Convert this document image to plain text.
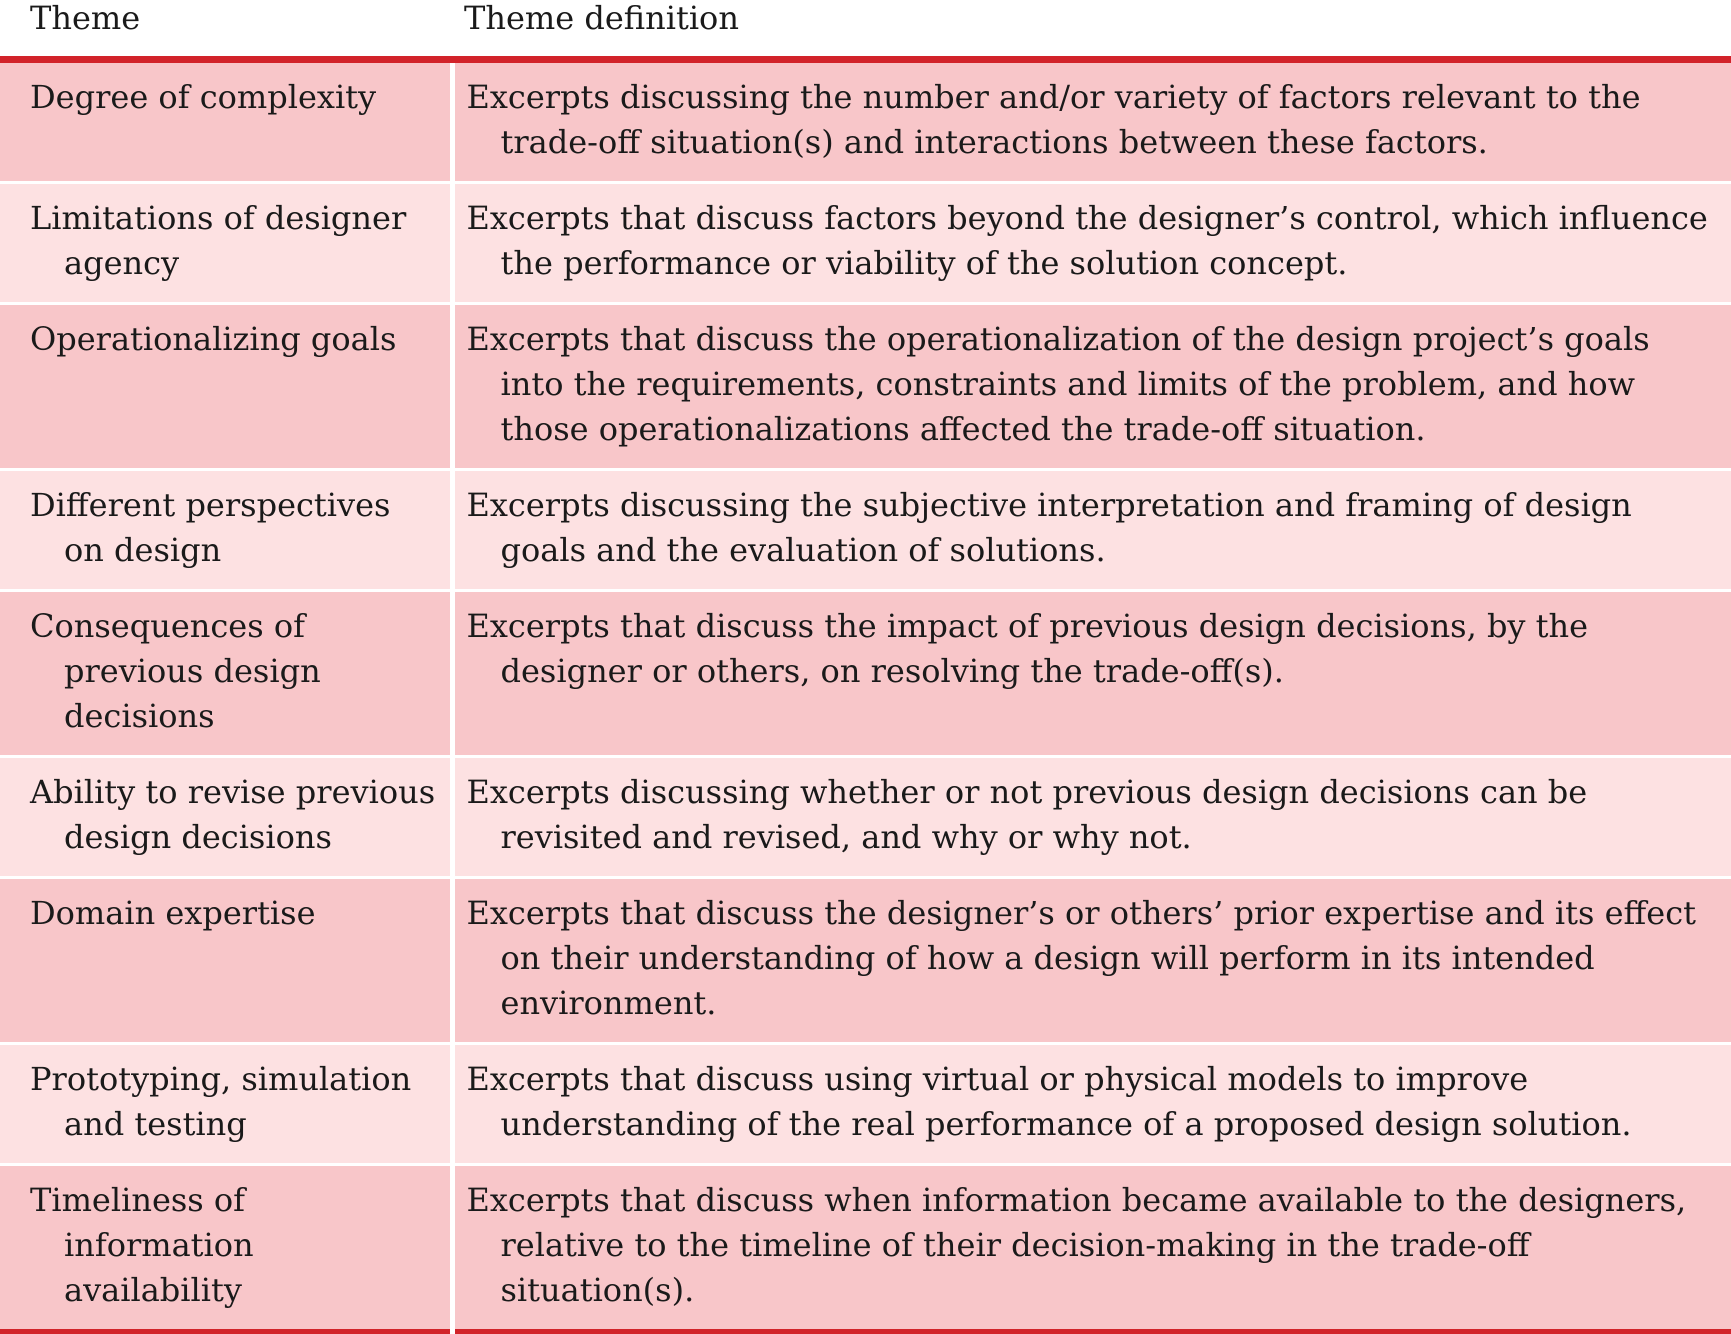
Theme	Theme definition

Degree of complexity	Excerpts discussing the number and/or variety of factors relevant to the trade-off situation(s) and interactions between these factors.

Limitations of designer agency	Excerpts that discuss factors beyond the designer’s control, which influence the performance or viability of the solution concept.

Operationalizing goals	Excerpts that discuss the operationalization of the design project’s goals into the requirements, constraints and limits of the problem, and how those operationalizations affected the trade-off situation.

Different perspectives on design	Excerpts discussing the subjective interpretation and framing of design goals and the evaluation of solutions.

Consequences of previous design decisions	Excerpts that discuss the impact of previous design decisions, by the designer or others, on resolving the trade-off(s).

Ability to revise previous design decisions	Excerpts discussing whether or not previous design decisions can be revisited and revised, and why or why not.

Domain expertise	Excerpts that discuss the designer’s or others’ prior expertise and its effect on their understanding of how a design will perform in its intended environment.

Prototyping, simulation and testing	Excerpts that discuss using virtual or physical models to improve understanding of the real performance of a proposed design solution.

Timeliness of information availability	Excerpts that discuss when information became available to the designers, relative to the timeline of their decision-making in the trade-off situation(s).
